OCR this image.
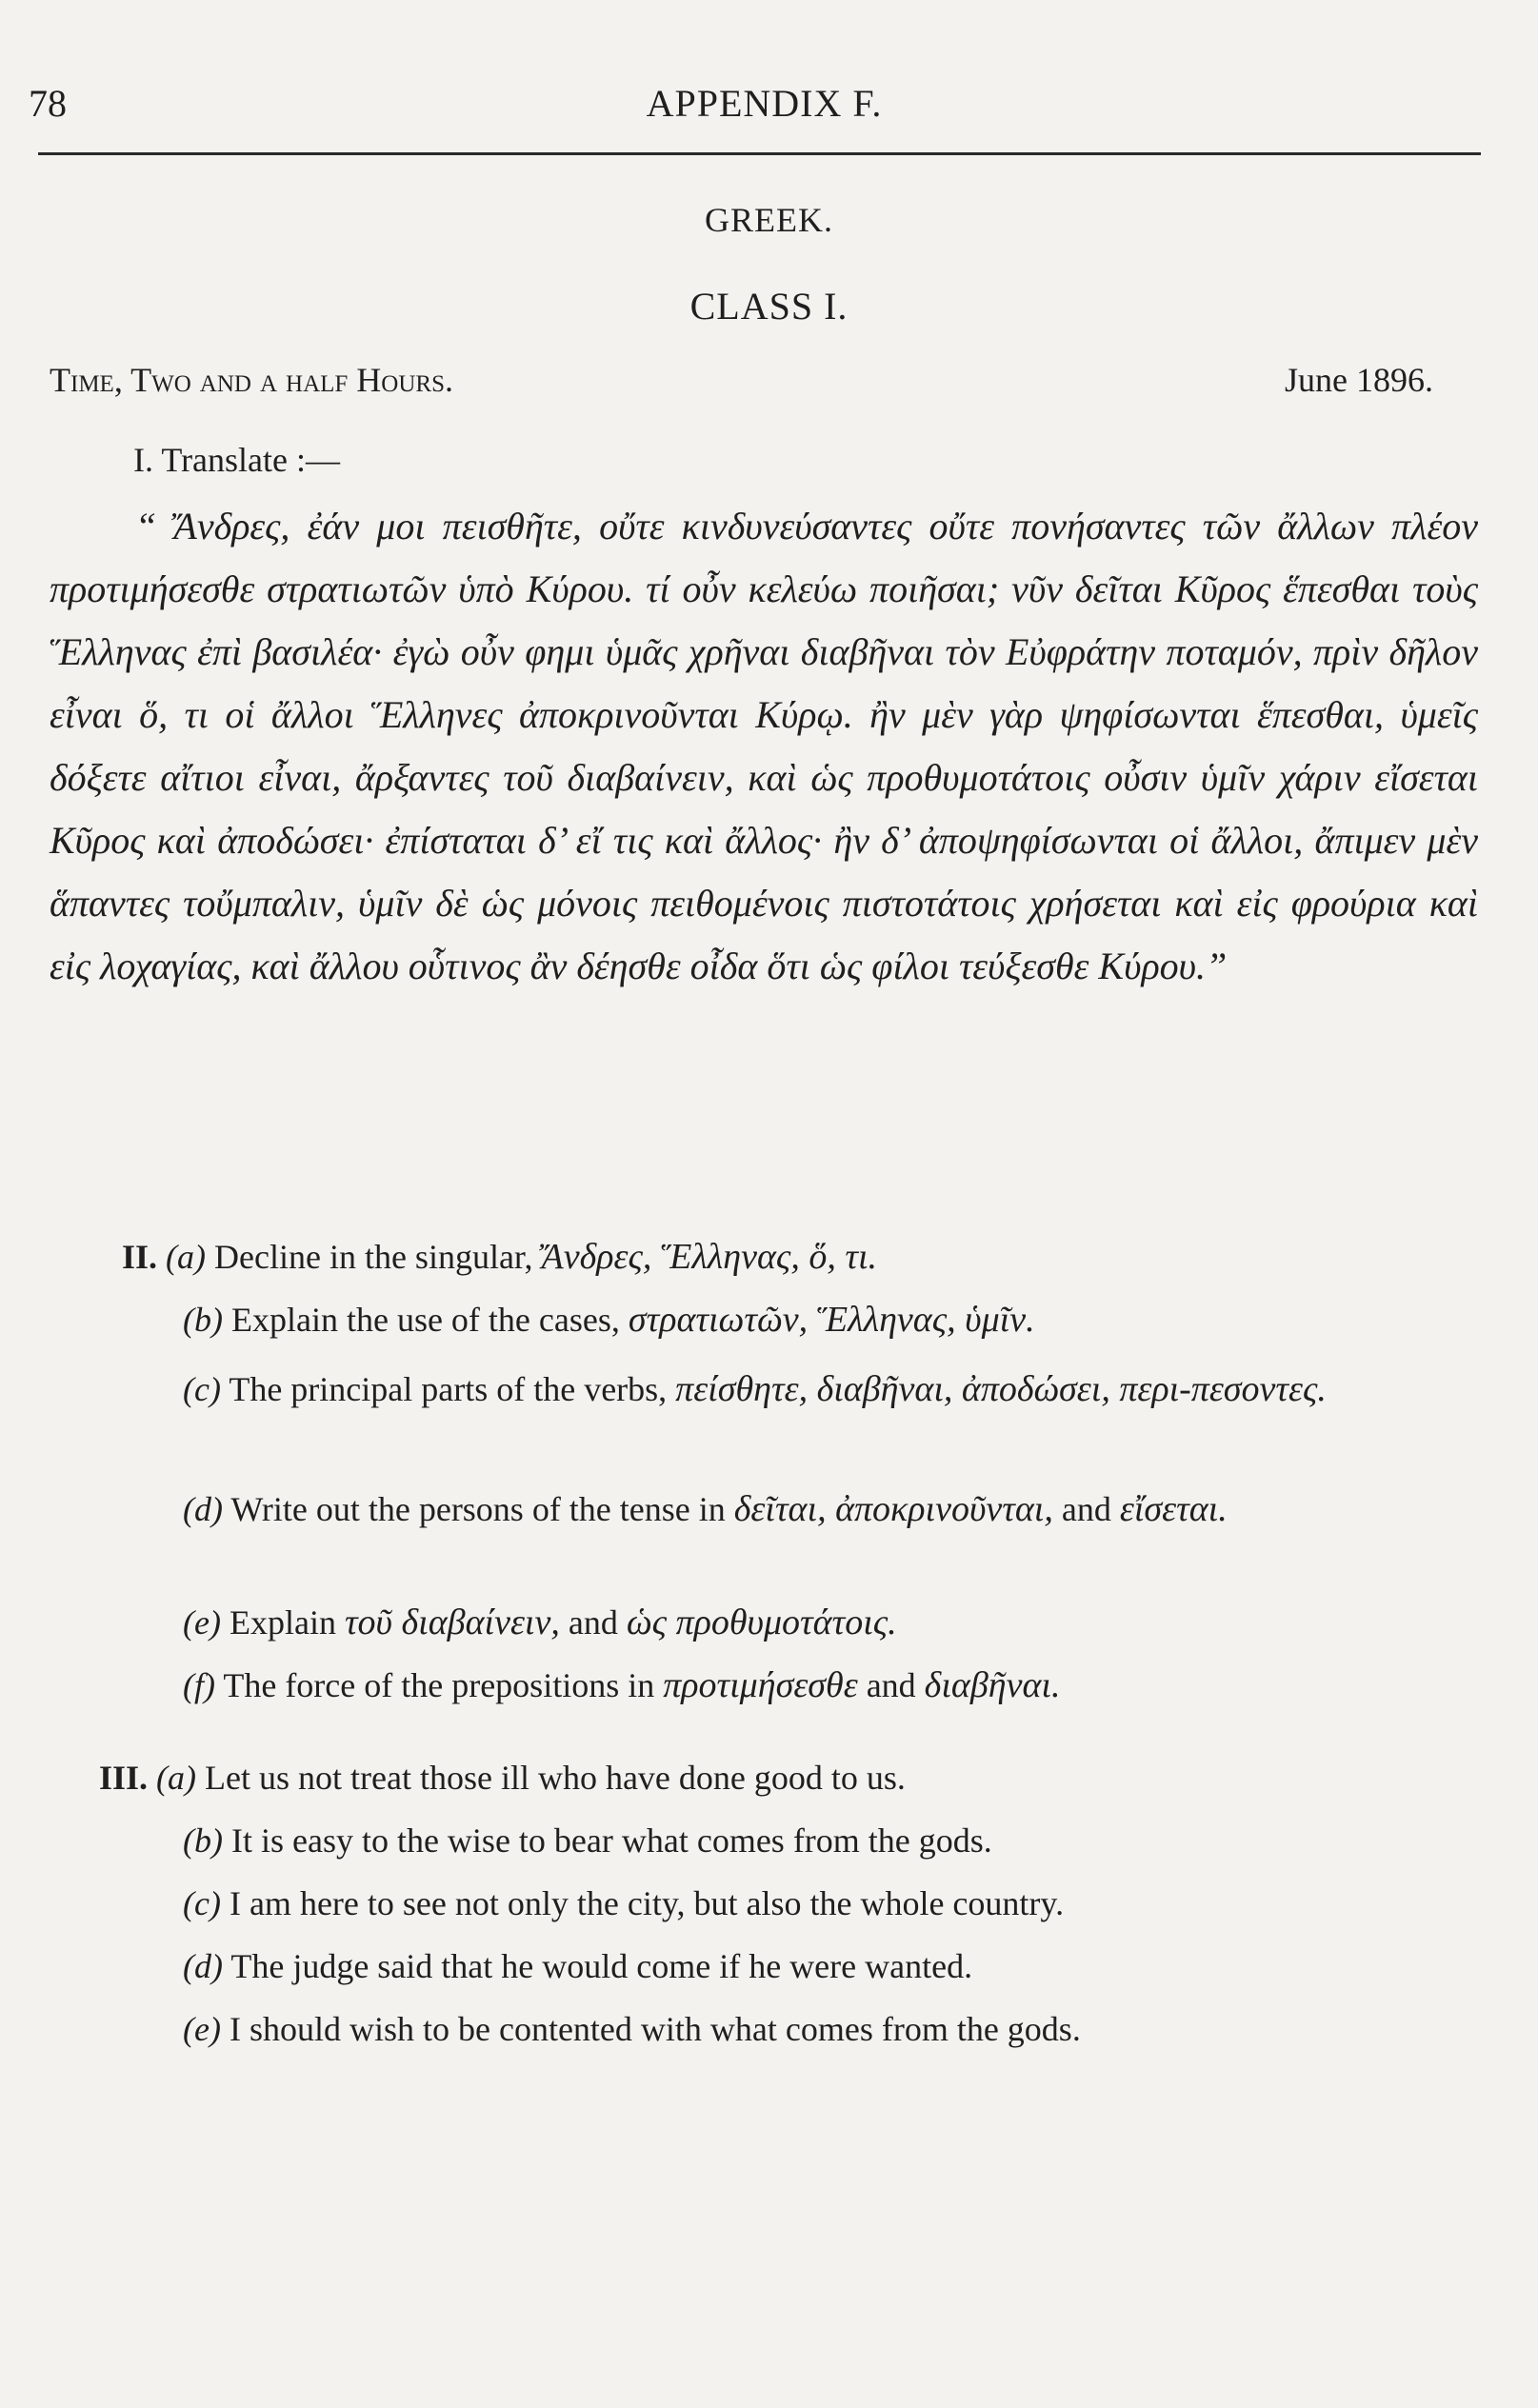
78	APPENDIX F.
GREEK.
CLASS I.
Time, Two and a half Hours.	June 1896.
I. Translate :—

“ Ἄνδρες, ἐάν μοι πεισθῆτε, οὔτε κινδυνεύσαντες οὔτε πονήσαντες τῶν ἄλλων πλέον προτιμήσεσθε στρατιωτῶν ὑπὸ Κύρου. τί οὖν κελεύω ποιῆσαι; νῦν δεῖται Κῦρος ἕπεσθαι τοὺς Ἕλληνας ἐπὶ βασιλέα· ἐγὼ οὖν φημι ὑμᾶς χρῆναι διαβῆναι τὸν Εὐφράτην ποταμόν, πρὶν δῆλον εἶναι ὅ, τι οἱ ἄλλοι Ἕλληνες ἀποκρινοῦνται Κύρῳ. ἢν μὲν γὰρ ψηφίσωνται ἕπεσθαι, ὑμεῖς δόξετε αἴτιοι εἶναι, ἄρξαντες τοῦ διαβαίνειν, καὶ ὡς προθυμοτάτοις οὖσιν ὑμῖν χάριν εἴσεται Κῦρος καὶ ἀποδώσει· ἐπίσταται δ’ εἴ τις καὶ ἄλλος· ἢν δ’ ἀποψηφίσωνται οἱ ἄλλοι, ἄπιμεν μὲν ἅπαντες τοὔμπαλιν, ὑμῖν δὲ ὡς μόνοις πειθομένοις πιστοτάτοις χρήσεται καὶ εἰς φρούρια καὶ εἰς λοχαγίας, καὶ ἄλλου οὗτινος ἂν δέησθε οἶδα ὅτι ὡς φίλοι τεύξεσθε Κύρου.”

II. (a) Decline in the singular, Ἄνδρες, Ἕλληνας, ὅ, τι.
(b) Explain the use of the cases, στρατιωτῶν, Ἕλληνας, ὑμῖν.
(c) The principal parts of the verbs, πείσθητε, διαβῆναι, ἀποδώσει, περι-πεσοντες.
(d) Write out the persons of the tense in δεῖται, ἀποκρινοῦνται, and εἴσεται.
(e) Explain τοῦ διαβαίνειν, and ὡς προθυμοτάτοις.
(f) The force of the prepositions in προτιμήσεσθε and διαβῆναι.
III. (a) Let us not treat those ill who have done good to us.
(b) It is easy to the wise to bear what comes from the gods.
(c) I am here to see not only the city, but also the whole country.
(d) The judge said that he would come if he were wanted.
(e) I should wish to be contented with what comes from the gods.
